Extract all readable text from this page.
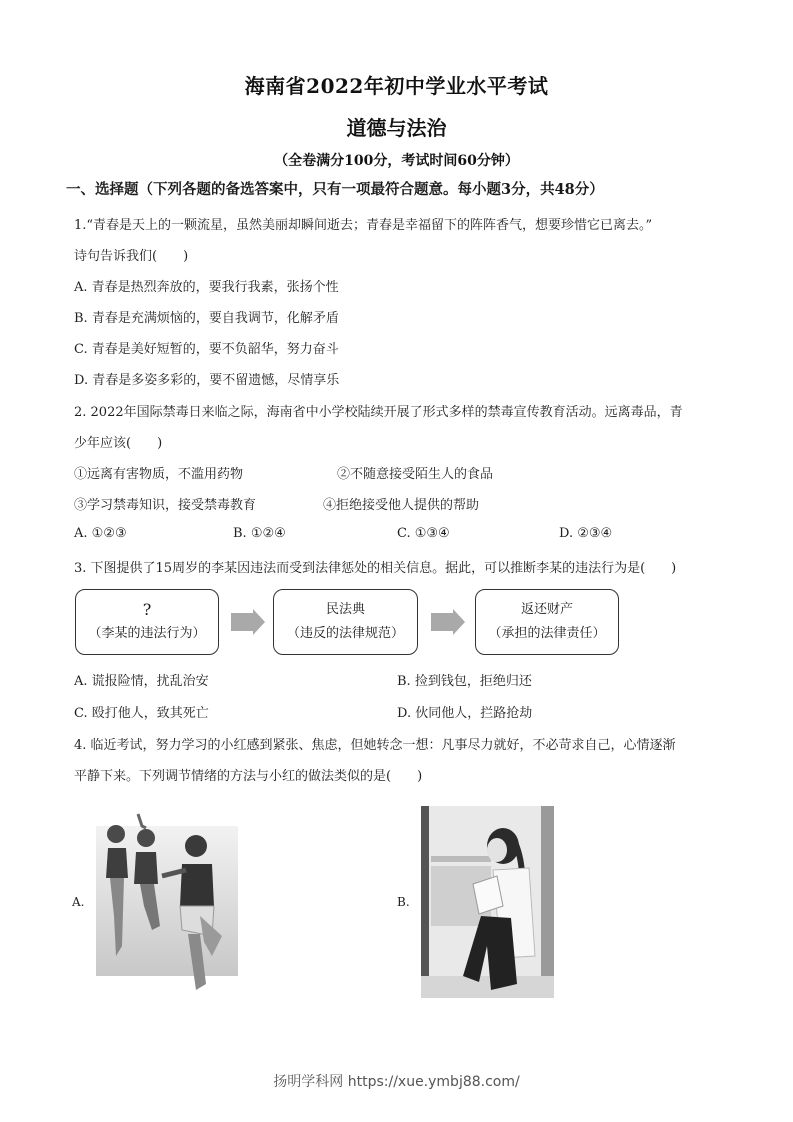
海南省2022年初中学业水平考试
道德与法治
（全卷满分100分，考试时间60分钟）
一、选择题（下列各题的备选答案中，只有一项最符合题意。每小题3分，共48分）
1.“青春是天上的一颗流星，虽然美丽却瞬间逝去；青春是幸福留下的阵阵香气，想要珍惜它已离去。”
诗句告诉我们(　　)
A. 青春是热烈奔放的，要我行我素，张扬个性
B. 青春是充满烦恼的，要自我调节，化解矛盾
C. 青春是美好短暂的，要不负韶华，努力奋斗
D. 青春是多姿多彩的，要不留遗憾，尽情享乐
2. 2022年国际禁毒日来临之际，海南省中小学校陆续开展了形式多样的禁毒宣传教育活动。远离毒品，青
少年应该(　　)
①远离有害物质，不滥用药物	②不随意接受陌生人的食品
③学习禁毒知识，接受禁毒教育	④拒绝接受他人提供的帮助
A. ①②③	B. ①②④	C. ①③④	D. ②③④
3. 下图提供了15周岁的李某因违法而受到法律惩处的相关信息。据此，可以推断李某的违法行为是(　　)
?
（李某的违法行为）
民法典
（违反的法律规范）
返还财产
（承担的法律责任）
A. 谎报险情，扰乱治安	B. 捡到钱包，拒绝归还
C. 殴打他人，致其死亡	D. 伙同他人，拦路抢劫
4. 临近考试，努力学习的小红感到紧张、焦虑，但她转念一想：凡事尽力就好，不必苛求自己，心情逐渐
平静下来。下列调节情绪的方法与小红的做法类似的是(　　)
A.	B.
扬明学科网 https://xue.ymbj88.com/
